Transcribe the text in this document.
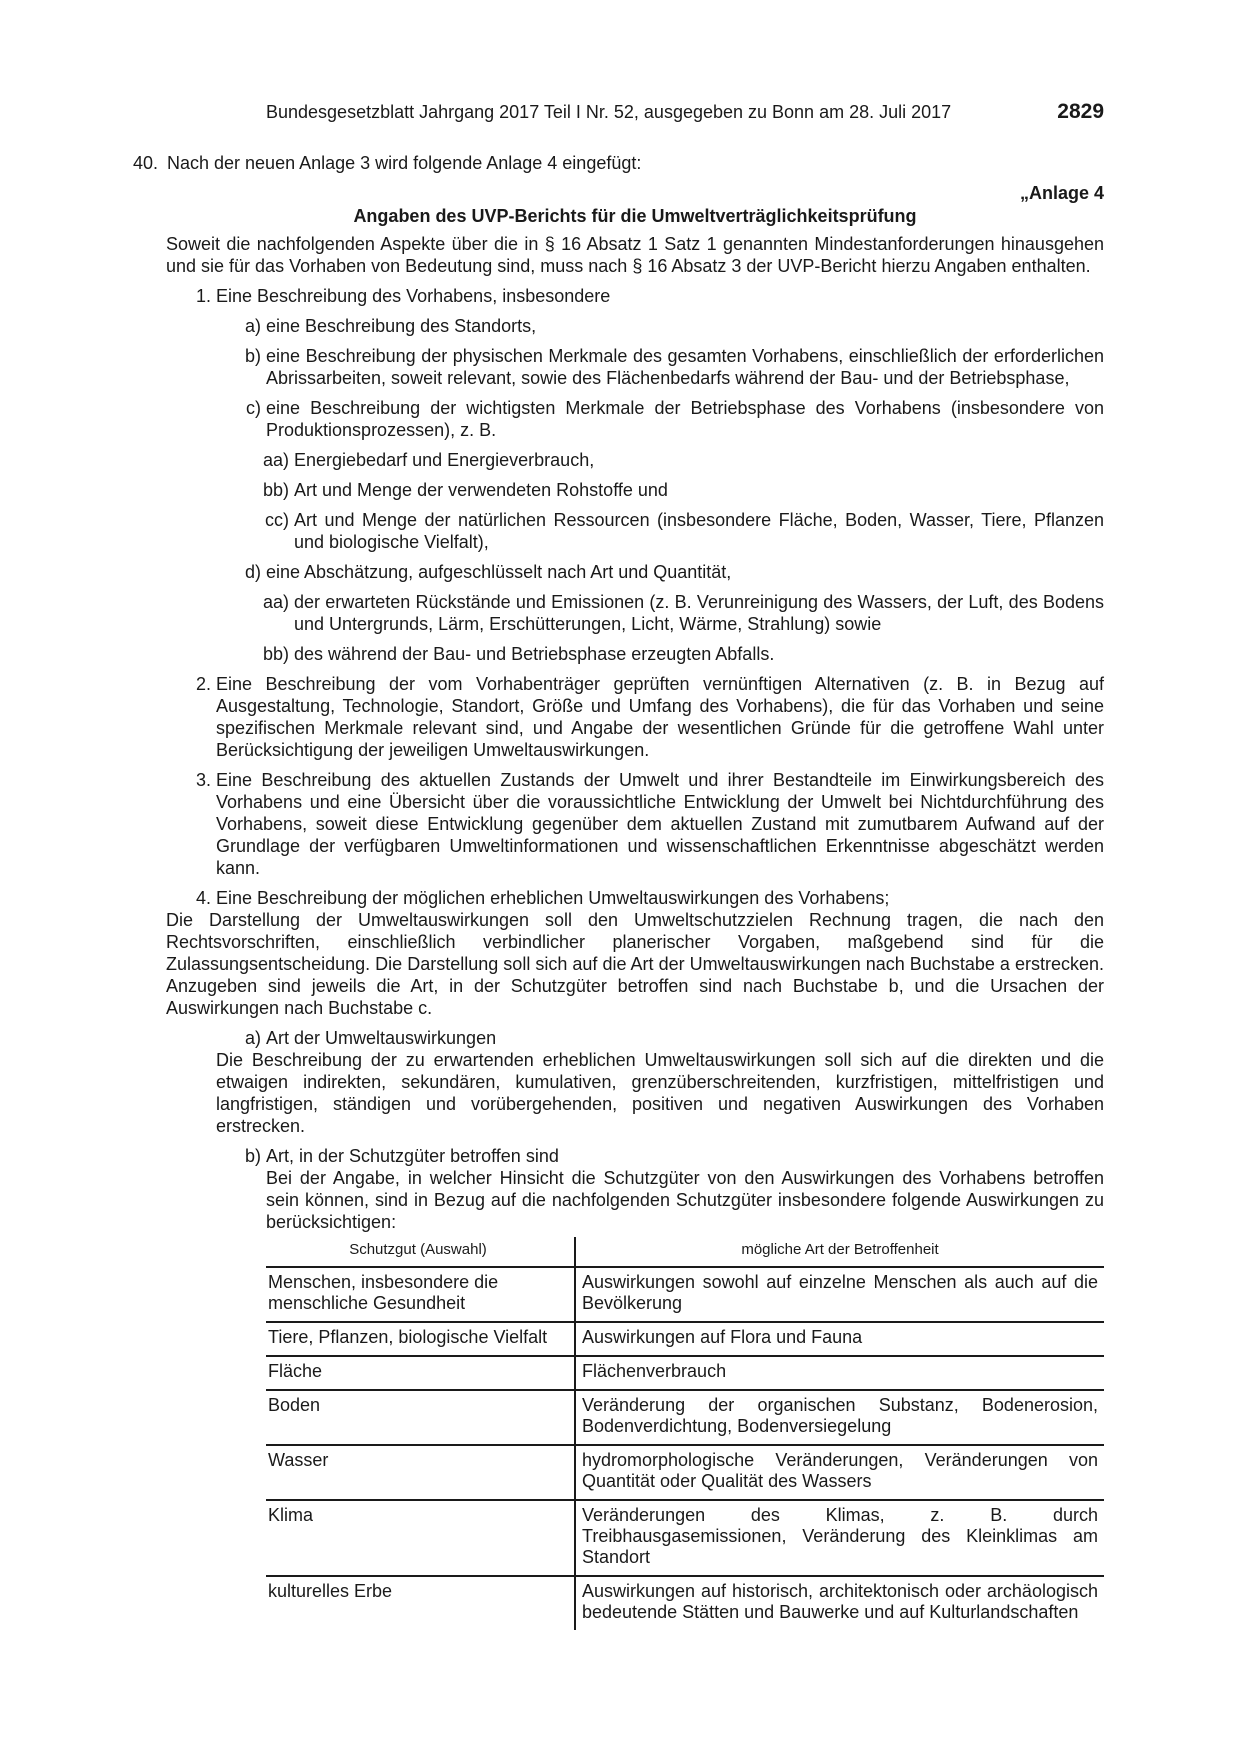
Bundesgesetzblatt Jahrgang 2017 Teil I Nr. 52, ausgegeben zu Bonn am 28. Juli 2017	2829
40. Nach der neuen Anlage 3 wird folgende Anlage 4 eingefügt:
„Anlage 4
Angaben des UVP-Berichts für die Umweltverträglichkeitsprüfung

Soweit die nachfolgenden Aspekte über die in § 16 Absatz 1 Satz 1 genannten Mindestanforderungen hinausgehen und sie für das Vorhaben von Bedeutung sind, muss nach § 16 Absatz 3 der UVP-Bericht hierzu Angaben enthalten.

1. Eine Beschreibung des Vorhabens, insbesondere
a) eine Beschreibung des Standorts,
b) eine Beschreibung der physischen Merkmale des gesamten Vorhabens, einschließlich der erforderlichen Abrissarbeiten, soweit relevant, sowie des Flächenbedarfs während der Bau- und der Betriebsphase,
c) eine Beschreibung der wichtigsten Merkmale der Betriebsphase des Vorhabens (insbesondere von Produktionsprozessen), z. B.
aa) Energiebedarf und Energieverbrauch,
bb) Art und Menge der verwendeten Rohstoffe und
cc) Art und Menge der natürlichen Ressourcen (insbesondere Fläche, Boden, Wasser, Tiere, Pflanzen und biologische Vielfalt),
d) eine Abschätzung, aufgeschlüsselt nach Art und Quantität,
aa) der erwarteten Rückstände und Emissionen (z. B. Verunreinigung des Wassers, der Luft, des Bodens und Untergrunds, Lärm, Erschütterungen, Licht, Wärme, Strahlung) sowie
bb) des während der Bau- und Betriebsphase erzeugten Abfalls.
2. Eine Beschreibung der vom Vorhabenträger geprüften vernünftigen Alternativen (z. B. in Bezug auf Ausgestaltung, Technologie, Standort, Größe und Umfang des Vorhabens), die für das Vorhaben und seine spezifischen Merkmale relevant sind, und Angabe der wesentlichen Gründe für die getroffene Wahl unter Berücksichtigung der jeweiligen Umweltauswirkungen.
3. Eine Beschreibung des aktuellen Zustands der Umwelt und ihrer Bestandteile im Einwirkungsbereich des Vorhabens und eine Übersicht über die voraussichtliche Entwicklung der Umwelt bei Nichtdurchführung des Vorhabens, soweit diese Entwicklung gegenüber dem aktuellen Zustand mit zumutbarem Aufwand auf der Grundlage der verfügbaren Umweltinformationen und wissenschaftlichen Erkenntnisse abgeschätzt werden kann.
4. Eine Beschreibung der möglichen erheblichen Umweltauswirkungen des Vorhabens;

Die Darstellung der Umweltauswirkungen soll den Umweltschutzzielen Rechnung tragen, die nach den Rechtsvorschriften, einschließlich verbindlicher planerischer Vorgaben, maßgebend sind für die Zulassungsentscheidung. Die Darstellung soll sich auf die Art der Umweltauswirkungen nach Buchstabe a erstrecken. Anzugeben sind jeweils die Art, in der Schutzgüter betroffen sind nach Buchstabe b, und die Ursachen der Auswirkungen nach Buchstabe c.

a) Art der Umweltauswirkungen

Die Beschreibung der zu erwartenden erheblichen Umweltauswirkungen soll sich auf die direkten und die etwaigen indirekten, sekundären, kumulativen, grenzüberschreitenden, kurzfristigen, mittelfristigen und langfristigen, ständigen und vorübergehenden, positiven und negativen Auswirkungen des Vorhaben erstrecken.

b) Art, in der Schutzgüter betroffen sind

Bei der Angabe, in welcher Hinsicht die Schutzgüter von den Auswirkungen des Vorhabens betroffen sein können, sind in Bezug auf die nachfolgenden Schutzgüter insbesondere folgende Auswirkungen zu berücksichtigen:

Schutzgut (Auswahl)	mögliche Art der Betroffenheit
Menschen, insbesondere die menschliche Gesundheit	Auswirkungen sowohl auf einzelne Menschen als auch auf die Bevölkerung
Tiere, Pflanzen, biologische Vielfalt	Auswirkungen auf Flora und Fauna
Fläche	Flächenverbrauch
Boden	Veränderung der organischen Substanz, Bodenerosion, Bodenverdichtung, Bodenversiegelung
Wasser	hydromorphologische Veränderungen, Veränderungen von Quantität oder Qualität des Wassers
Klima	Veränderungen des Klimas, z. B. durch Treibhausgasemissionen, Veränderung des Kleinklimas am Standort
kulturelles Erbe	Auswirkungen auf historisch, architektonisch oder archäologisch bedeutende Stätten und Bauwerke und auf Kulturlandschaften
